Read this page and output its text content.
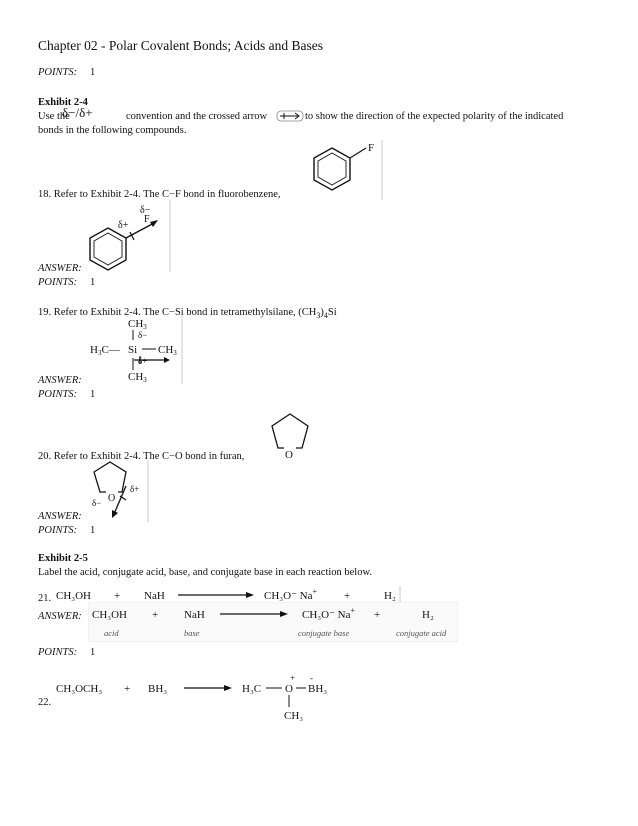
Chapter 02 - Polar Covalent Bonds; Acids and Bases
POINTS: 1
Exhibit 2-4
Use the
δ−/δ+	convention and the crossed arrow	to show the direction of the expected polarity of the indicated
bonds in the following compounds.
F
18. Refer to Exhibit 2-4. The C−F bond in fluorobenzene,
δ+
δ−
F
ANSWER:
POINTS: 1
19. Refer to Exhibit 2-4. The C−Si bond in tetramethylsilane, $(CH_3)_4Si$
CH3
δ−
H3C— Si CH3
δ+
CH3
ANSWER:
POINTS: 1
O
20. Refer to Exhibit 2-4. The C−O bond in furan,
O
δ+
δ−
ANSWER:
POINTS: 1
Exhibit 2-5
Label the acid, conjugate acid, base, and conjugate base in each reaction below.
21. CH₃OH + NaH	CH₃O⁻ Na+ +	H₂
ANSWER: CH₃OH + NaH	CH₃O⁻ Na+ +	H₂
acid	base	conjugate base	conjugate acid
POINTS: 1
22.
CH₃OCH₃ + BH₃
+ -
H₃C O BH₃
CH₃
